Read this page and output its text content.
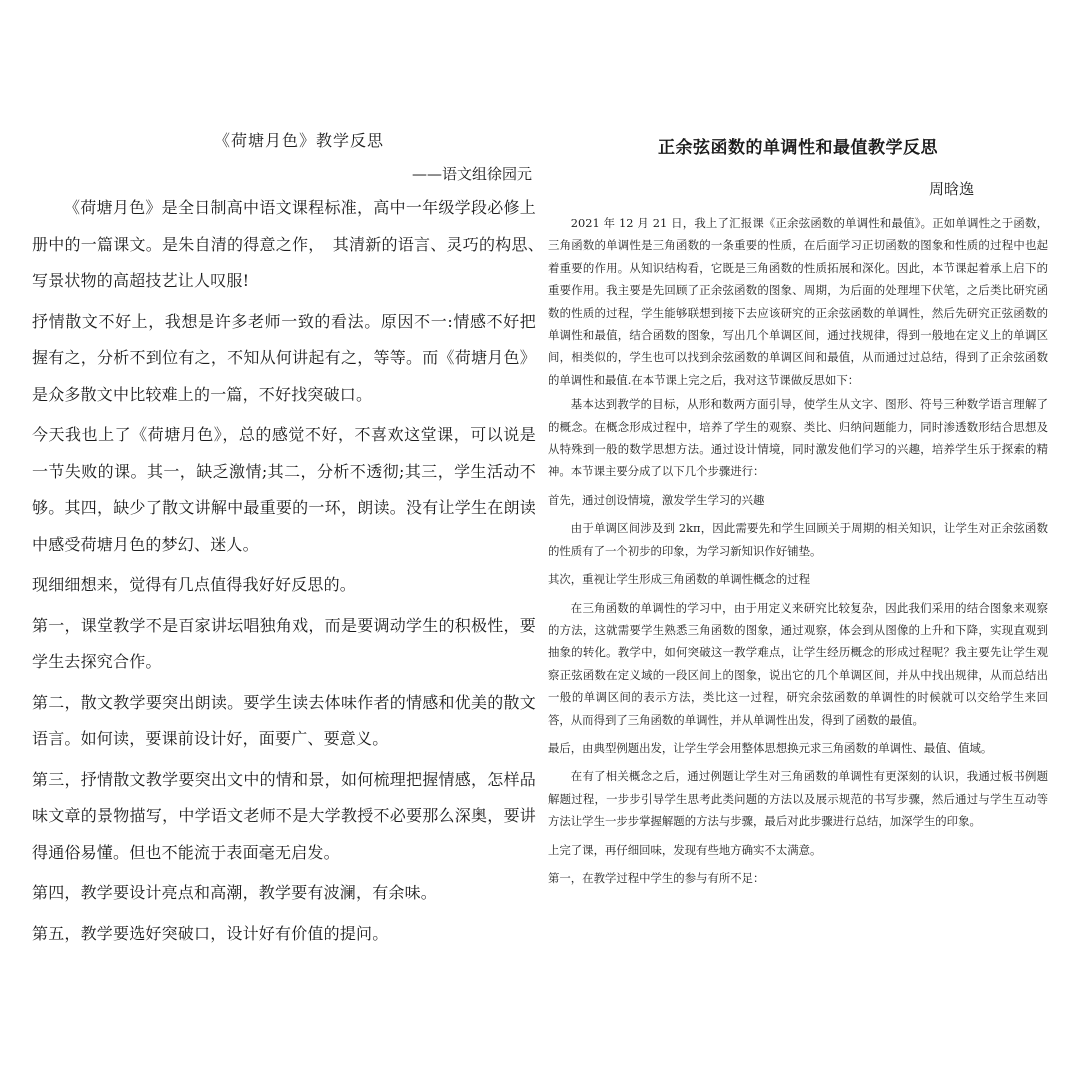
《荷塘月色》教学反思
——语文组徐园元

《荷塘月色》是全日制高中语文课程标准，高中一年级学段必修上册中的一篇课文。是朱自清的得意之作，　其清新的语言、灵巧的构思、　写景状物的高超技艺让人叹服!

抒情散文不好上，我想是许多老师一致的看法。原因不一:情感不好把握有之，分析不到位有之，不知从何讲起有之，等等。而《荷塘月色》是众多散文中比较难上的一篇，不好找突破口。

今天我也上了《荷塘月色》，总的感觉不好，不喜欢这堂课，可以说是一节失败的课。其一，缺乏激情;其二，分析不透彻;其三，学生活动不够。其四，缺少了散文讲解中最重要的一环，朗读。没有让学生在朗读中感受荷塘月色的梦幻、迷人。

现细细想来，觉得有几点值得我好好反思的。

第一，课堂教学不是百家讲坛唱独角戏，而是要调动学生的积极性，要学生去探究合作。

第二，散文教学要突出朗读。要学生读去体味作者的情感和优美的散文语言。如何读，要课前设计好，面要广、要意义。

第三，抒情散文教学要突出文中的情和景，如何梳理把握情感，怎样品味文章的景物描写，中学语文老师不是大学教授不必要那么深奥，要讲得通俗易懂。但也不能流于表面毫无启发。

第四，教学要设计亮点和高潮，教学要有波澜，有余味。

第五，教学要选好突破口，设计好有价值的提问。

正余弦函数的单调性和最值教学反思
周晗逸

2021 年 12 月 21 日，我上了汇报课《正余弦函数的单调性和最值》。正如单调性之于函数，三角函数的单调性是三角函数的一条重要的性质，在后面学习正切函数的图象和性质的过程中也起着重要的作用。从知识结构看，它既是三角函数的性质拓展和深化。因此，本节课起着承上启下的重要作用。我主要是先回顾了正余弦函数的图象、周期，为后面的处理埋下伏笔，之后类比研究函数的性质的过程，学生能够联想到接下去应该研究的正余弦函数的单调性，然后先研究正弦函数的单调性和最值，结合函数的图象，写出几个单调区间，通过找规律，得到一般地在定义上的单调区间，相类似的，学生也可以找到余弦函数的单调区间和最值，从而通过过总结，得到了正余弦函数的单调性和最值.在本节课上完之后，我对这节课做反思如下：

基本达到教学的目标，从形和数两方面引导，使学生从文字、图形、符号三种数学语言理解了的概念。在概念形成过程中，培养了学生的观察、类比、归纳问题能力，同时渗透数形结合思想及从特殊到一般的数学思想方法。通过设计情境，同时激发他们学习的兴趣，培养学生乐于探索的精神。本节课主要分成了以下几个步骤进行：

首先，通过创设情境，激发学生学习的兴趣

由于单调区间涉及到 2kπ，因此需要先和学生回顾关于周期的相关知识，让学生对正余弦函数的性质有了一个初步的印象，为学习新知识作好铺垫。

其次，重视让学生形成三角函数的单调性概念的过程

在三角函数的单调性的学习中，由于用定义来研究比较复杂，因此我们采用的结合图象来观察的方法，这就需要学生熟悉三角函数的图象，通过观察，体会到从图像的上升和下降，实现直观到抽象的转化。教学中，如何突破这一教学难点，让学生经历概念的形成过程呢？我主要先让学生观察正弦函数在定义域的一段区间上的图象，说出它的几个单调区间，并从中找出规律，从而总结出一般的单调区间的表示方法，类比这一过程，研究余弦函数的单调性的时候就可以交给学生来回答，从而得到了三角函数的单调性，并从单调性出发，得到了函数的最值。

最后，由典型例题出发，让学生学会用整体思想换元求三角函数的单调性、最值、值域。

在有了相关概念之后，通过例题让学生对三角函数的单调性有更深刻的认识，我通过板书例题解题过程，一步步引导学生思考此类问题的方法以及展示规范的书写步骤，然后通过与学生互动等方法让学生一步步掌握解题的方法与步骤，最后对此步骤进行总结，加深学生的印象。

上完了课，再仔细回味，发现有些地方确实不太满意。

第一，在教学过程中学生的参与有所不足：
